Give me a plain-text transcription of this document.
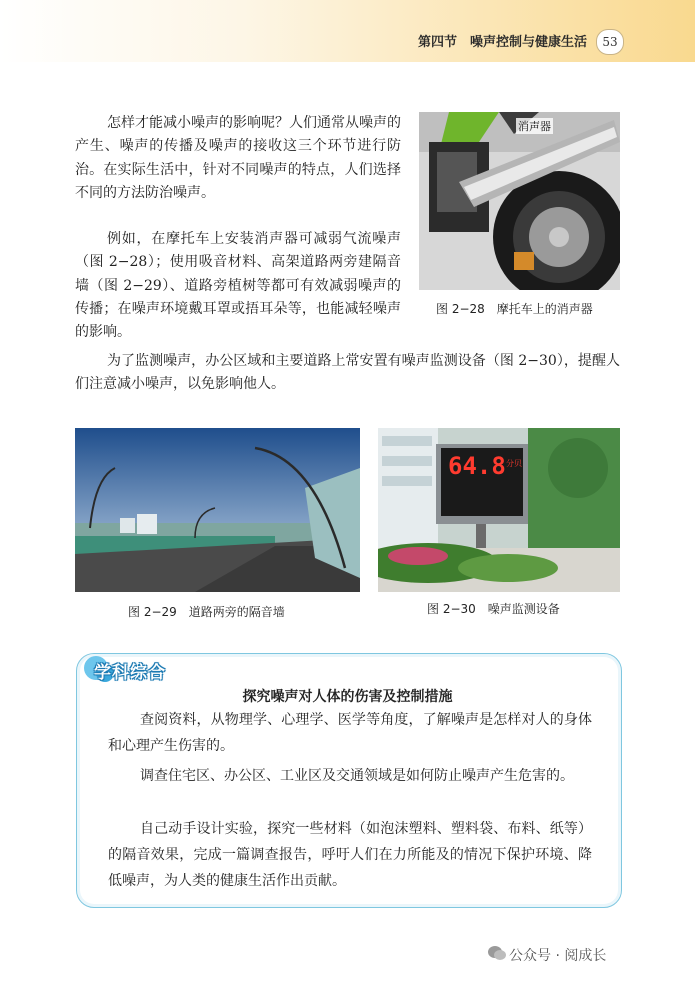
第四节　噪声控制与健康生活	53

怎样才能减小噪声的影响呢？人们通常从噪声的产生、噪声的传播及噪声的接收这三个环节进行防治。在实际生活中，针对不同噪声的特点，人们选择不同的方法防治噪声。

例如，在摩托车上安装消声器可减弱气流噪声（图 2−28）；使用吸音材料、高架道路两旁建隔音墙（图 2−29）、道路旁植树等都可有效减弱噪声的传播；在噪声环境戴耳罩或捂耳朵等，也能减轻噪声的影响。

为了监测噪声，办公区域和主要道路上常安置有噪声监测设备（图 2−30），提醒人们注意减小噪声，以免影响他人。

消声器
图 2−28　摩托车上的消声器
图 2−29　道路两旁的隔音墙
64.8 分贝
图 2−30　噪声监测设备
学科综合
探究噪声对人体的伤害及控制措施

查阅资料，从物理学、心理学、医学等角度，了解噪声是怎样对人的身体和心理产生伤害的。

调查住宅区、办公区、工业区及交通领域是如何防止噪声产生危害的。

自己动手设计实验，探究一些材料（如泡沫塑料、塑料袋、布料、纸等）的隔音效果，完成一篇调查报告，呼吁人们在力所能及的情况下保护环境、降低噪声，为人类的健康生活作出贡献。

公众号 · 阅成长
